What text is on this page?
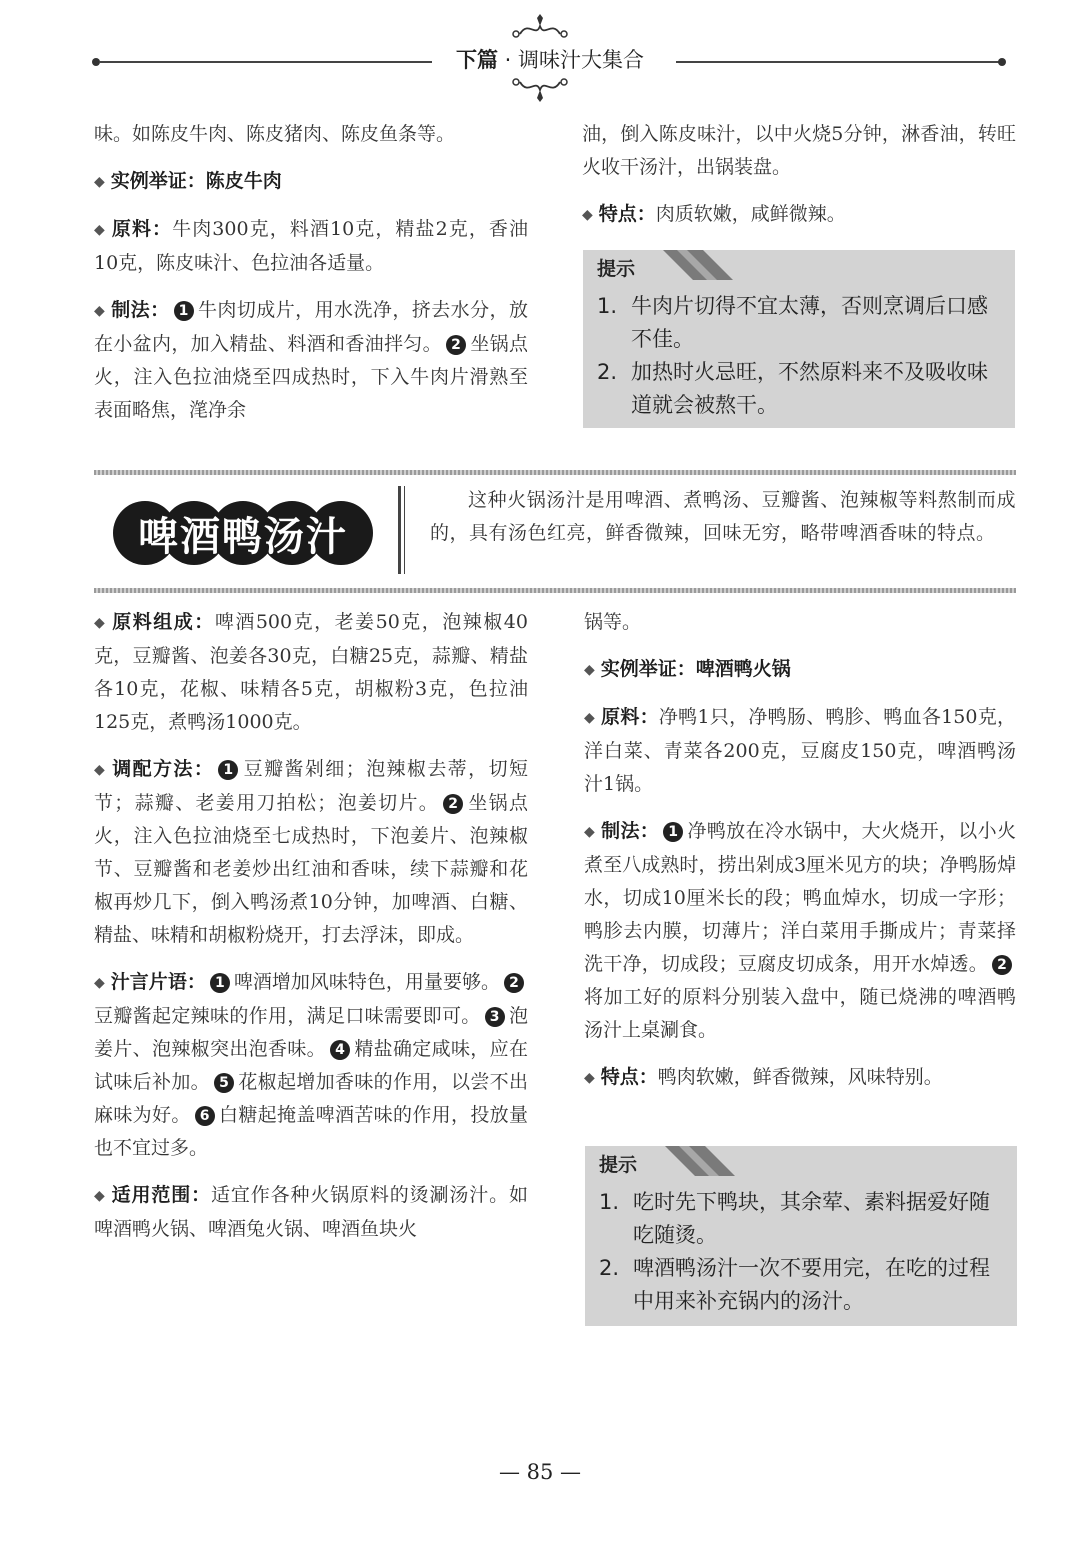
下篇 · 调味汁大集合

味。如陈皮牛肉、陈皮猪肉、陈皮鱼条等。

◆ 实例举证：陈皮牛肉

◆ 原料：牛肉300克，料酒10克，精盐2克，香油10克，陈皮味汁、色拉油各适量。

◆ 制法： 1 牛肉切成片，用水洗净，挤去水分，放在小盆内，加入精盐、料酒和香油拌匀。 2 坐锅点火，注入色拉油烧至四成热时，下入牛肉片滑熟至表面略焦，滗净余

油，倒入陈皮味汁，以中火烧5分钟，淋香油，转旺火收干汤汁，出锅装盘。

◆ 特点：肉质软嫩，咸鲜微辣。

提示
1. 牛肉片切得不宜太薄，否则烹调后口感不佳。
2. 加热时火忌旺，不然原料来不及吸收味道就会被熬干。
啤酒鸭汤汁

这种火锅汤汁是用啤酒、煮鸭汤、豆瓣酱、泡辣椒等料熬制而成的，具有汤色红亮，鲜香微辣，回味无穷，略带啤酒香味的特点。

◆ 原料组成：啤酒500克，老姜50克，泡辣椒40克，豆瓣酱、泡姜各30克，白糖25克，蒜瓣、精盐各10克，花椒、味精各5克，胡椒粉3克，色拉油125克，煮鸭汤1000克。

◆ 调配方法： 1 豆瓣酱剁细；泡辣椒去蒂，切短节；蒜瓣、老姜用刀拍松；泡姜切片。 2 坐锅点火，注入色拉油烧至七成热时，下泡姜片、泡辣椒节、豆瓣酱和老姜炒出红油和香味，续下蒜瓣和花椒再炒几下，倒入鸭汤煮10分钟，加啤酒、白糖、精盐、味精和胡椒粉烧开，打去浮沫，即成。

◆ 汁言片语： 1 啤酒增加风味特色，用量要够。 2豆瓣酱起定辣味的作用，满足口味需要即可。 3 泡姜片、泡辣椒突出泡香味。 4 精盐确定咸味，应在试味后补加。 5 花椒起增加香味的作用，以尝不出麻味为好。 6 白糖起掩盖啤酒苦味的作用，投放量也不宜过多。

◆ 适用范围：适宜作各种火锅原料的烫涮汤汁。如啤酒鸭火锅、啤酒兔火锅、啤酒鱼块火

锅等。

◆ 实例举证：啤酒鸭火锅

◆ 原料：净鸭1只，净鸭肠、鸭胗、鸭血各150克，洋白菜、青菜各200克，豆腐皮150克，啤酒鸭汤汁1锅。

◆ 制法： 1 净鸭放在冷水锅中，大火烧开，以小火煮至八成熟时，捞出剁成3厘米见方的块；净鸭肠焯水，切成10厘米长的段；鸭血焯水，切成一字形；鸭胗去内膜，切薄片；洋白菜用手撕成片；青菜择洗干净，切成段；豆腐皮切成条，用开水焯透。 2将加工好的原料分别装入盘中，随已烧沸的啤酒鸭汤汁上桌涮食。

◆ 特点：鸭肉软嫩，鲜香微辣，风味特别。

提示
1. 吃时先下鸭块，其余荤、素料据爱好随吃随烫。
2. 啤酒鸭汤汁一次不要用完，在吃的过程中用来补充锅内的汤汁。
— 85 —
